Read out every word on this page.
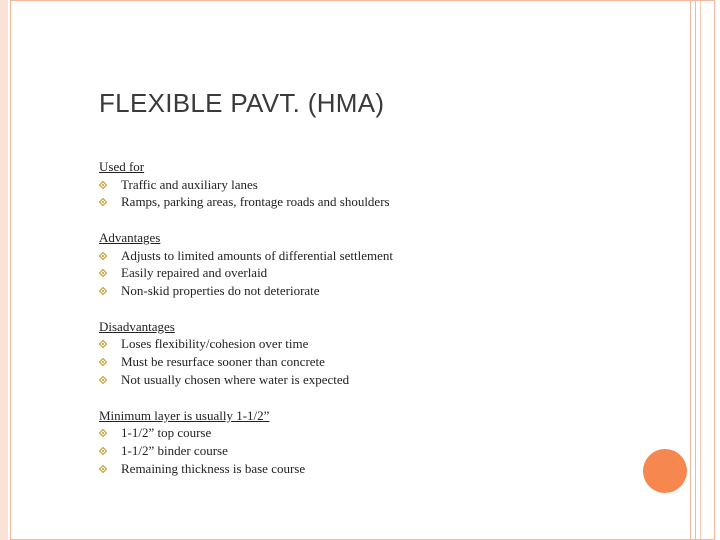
FLEXIBLE PAVT. (HMA)
Used for
Traffic and auxiliary lanes
Ramps, parking areas, frontage roads and shoulders
Advantages
Adjusts to limited amounts of differential settlement
Easily repaired and overlaid
Non-skid properties do not deteriorate
Disadvantages
Loses flexibility/cohesion over time
Must be resurface sooner than concrete
Not usually chosen where water is expected
Minimum layer is usually 1-1/2”
1-1/2” top course
1-1/2” binder course
Remaining thickness is base course
